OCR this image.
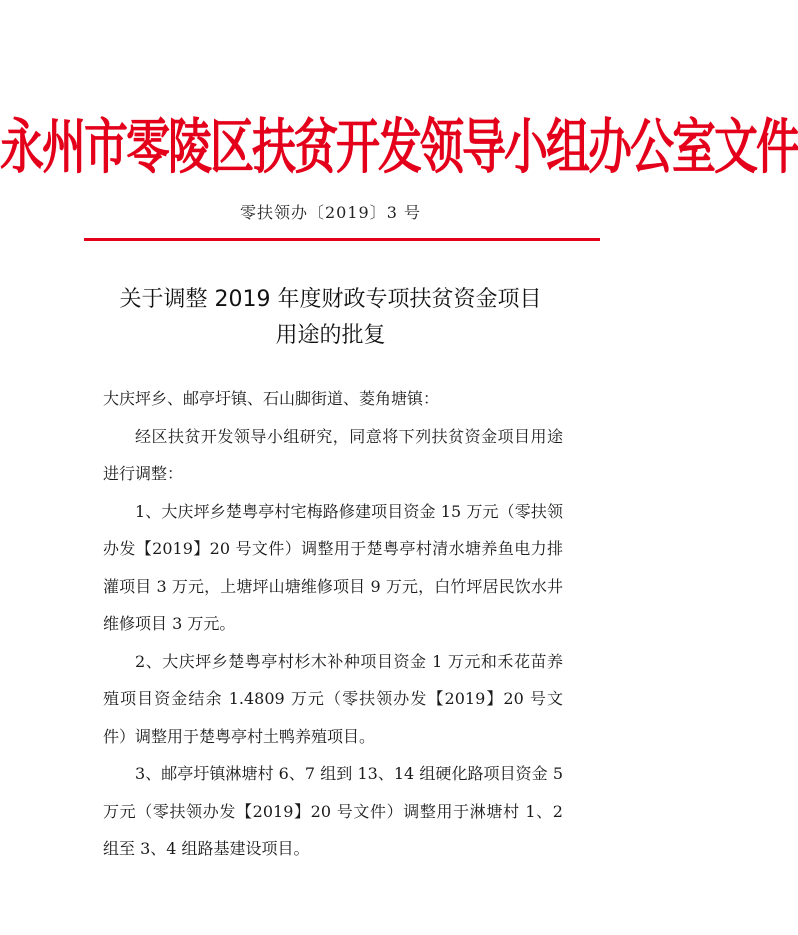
永州市零陵区扶贫开发领导小组办公室文件
零扶领办〔2019〕3 号
关于调整 2019 年度财政专项扶贫资金项目
用途的批复

大庆坪乡、邮亭圩镇、石山脚街道、菱角塘镇：

经区扶贫开发领导小组研究，同意将下列扶贫资金项目用途进行调整：

1、大庆坪乡楚粤亭村宅梅路修建项目资金 15 万元（零扶领办发【2019】20 号文件）调整用于楚粤亭村清水塘养鱼电力排灌项目 3 万元，上塘坪山塘维修项目 9 万元，白竹坪居民饮水井维修项目 3 万元。

2、大庆坪乡楚粤亭村杉木补种项目资金 1 万元和禾花苗养殖项目资金结余 1.4809 万元（零扶领办发【2019】20 号文件）调整用于楚粤亭村土鸭养殖项目。

3、邮亭圩镇淋塘村 6、7 组到 13、14 组硬化路项目资金 5 万元（零扶领办发【2019】20 号文件）调整用于淋塘村 1、2 组至 3、4 组路基建设项目。
